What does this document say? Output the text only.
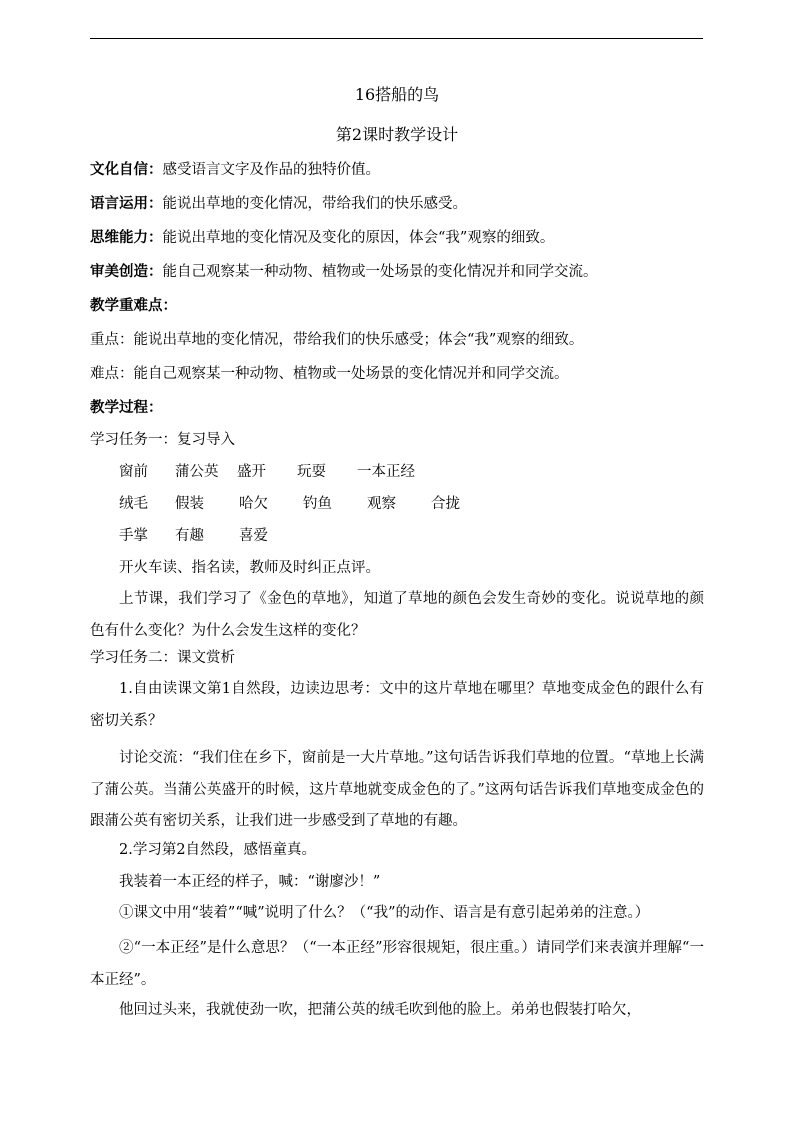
16搭船的鸟

第2课时教学设计

文化自信：感受语言文字及作品的独特价值。

语言运用：能说出草地的变化情况，带给我们的快乐感受。

思维能力：能说出草地的变化情况及变化的原因，体会“我”观察的细致。

审美创造：能自己观察某一种动物、植物或一处场景的变化情况并和同学交流。

教学重难点：

重点：能说出草地的变化情况，带给我们的快乐感受；体会“我”观察的细致。

难点：能自己观察某一种动物、植物或一处场景的变化情况并和同学交流。

教学过程：

学习任务一：复习导入

窗前 蒲公英 盛开 玩耍 一本正经

绒毛 假装 哈欠 钓鱼 观察 合拢

手掌 有趣 喜爱

开火车读、指名读，教师及时纠正点评。

上节课，我们学习了《金色的草地》，知道了草地的颜色会发生奇妙的变化。说说草地的颜色有什么变化？为什么会发生这样的变化？

学习任务二：课文赏析

1.自由读课文第1自然段，边读边思考：文中的这片草地在哪里？草地变成金色的跟什么有密切关系？

讨论交流：“我们住在乡下，窗前是一大片草地。”这句话告诉我们草地的位置。“草地上长满了蒲公英。当蒲公英盛开的时候，这片草地就变成金色的了。”这两句话告诉我们草地变成金色的跟蒲公英有密切关系，让我们进一步感受到了草地的有趣。

2.学习第2自然段，感悟童真。

我装着一本正经的样子，喊：“谢廖沙！”

①课文中用“装着”“喊”说明了什么？（“我”的动作、语言是有意引起弟弟的注意。）

②“一本正经”是什么意思？（“一本正经”形容很规矩，很庄重。）请同学们来表演并理解“一本正经”。

他回过头来，我就使劲一吹，把蒲公英的绒毛吹到他的脸上。弟弟也假装打哈欠，
